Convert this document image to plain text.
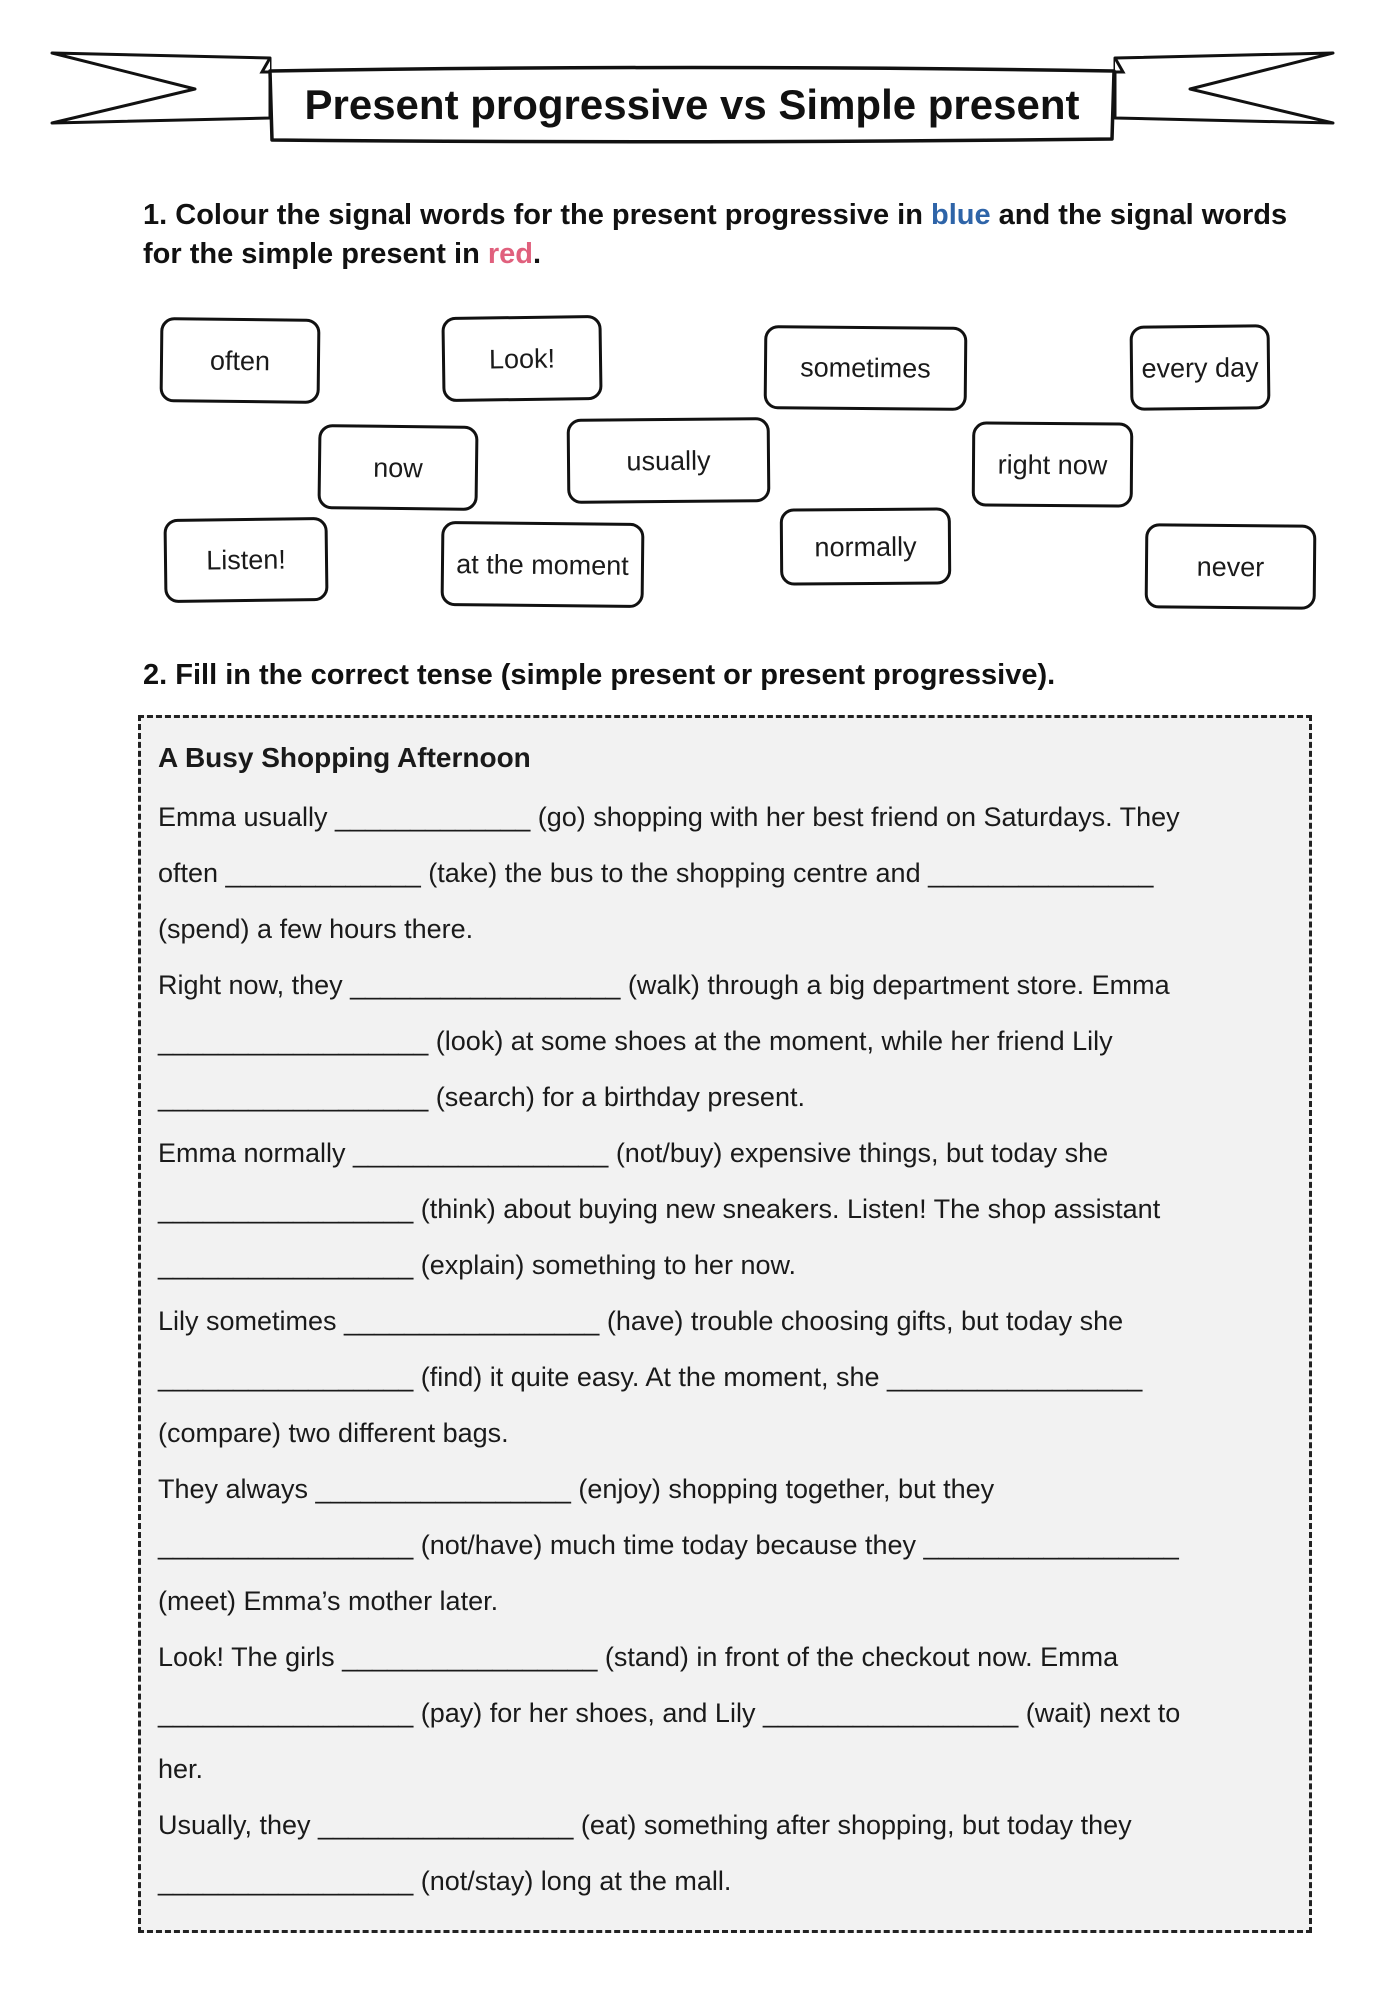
Present progressive vs Simple present
1. Colour the signal words for the present progressive in blue and the signal words for the simple present in red.
often	Look!	sometimes	every day
now	usually	right now
Listen!	at the moment
normally
never
2. Fill in the correct tense (simple present or present progressive).
A Busy Shopping Afternoon

Emma usually _____________ (go) shopping with her best friend on Saturdays. They

often _____________ (take) the bus to the shopping centre and _______________

(spend) a few hours there.

Right now, they __________________ (walk) through a big department store. Emma

__________________ (look) at some shoes at the moment, while her friend Lily

__________________ (search) for a birthday present.

Emma normally _________________ (not/buy) expensive things, but today she

_________________ (think) about buying new sneakers. Listen! The shop assistant

_________________ (explain) something to her now.

Lily sometimes _________________ (have) trouble choosing gifts, but today she

_________________ (find) it quite easy. At the moment, she _________________

(compare) two different bags.

They always _________________ (enjoy) shopping together, but they

_________________ (not/have) much time today because they _________________

(meet) Emma’s mother later.

Look! The girls _________________ (stand) in front of the checkout now. Emma

_________________ (pay) for her shoes, and Lily _________________ (wait) next to

her.

Usually, they _________________ (eat) something after shopping, but today they

_________________ (not/stay) long at the mall.
